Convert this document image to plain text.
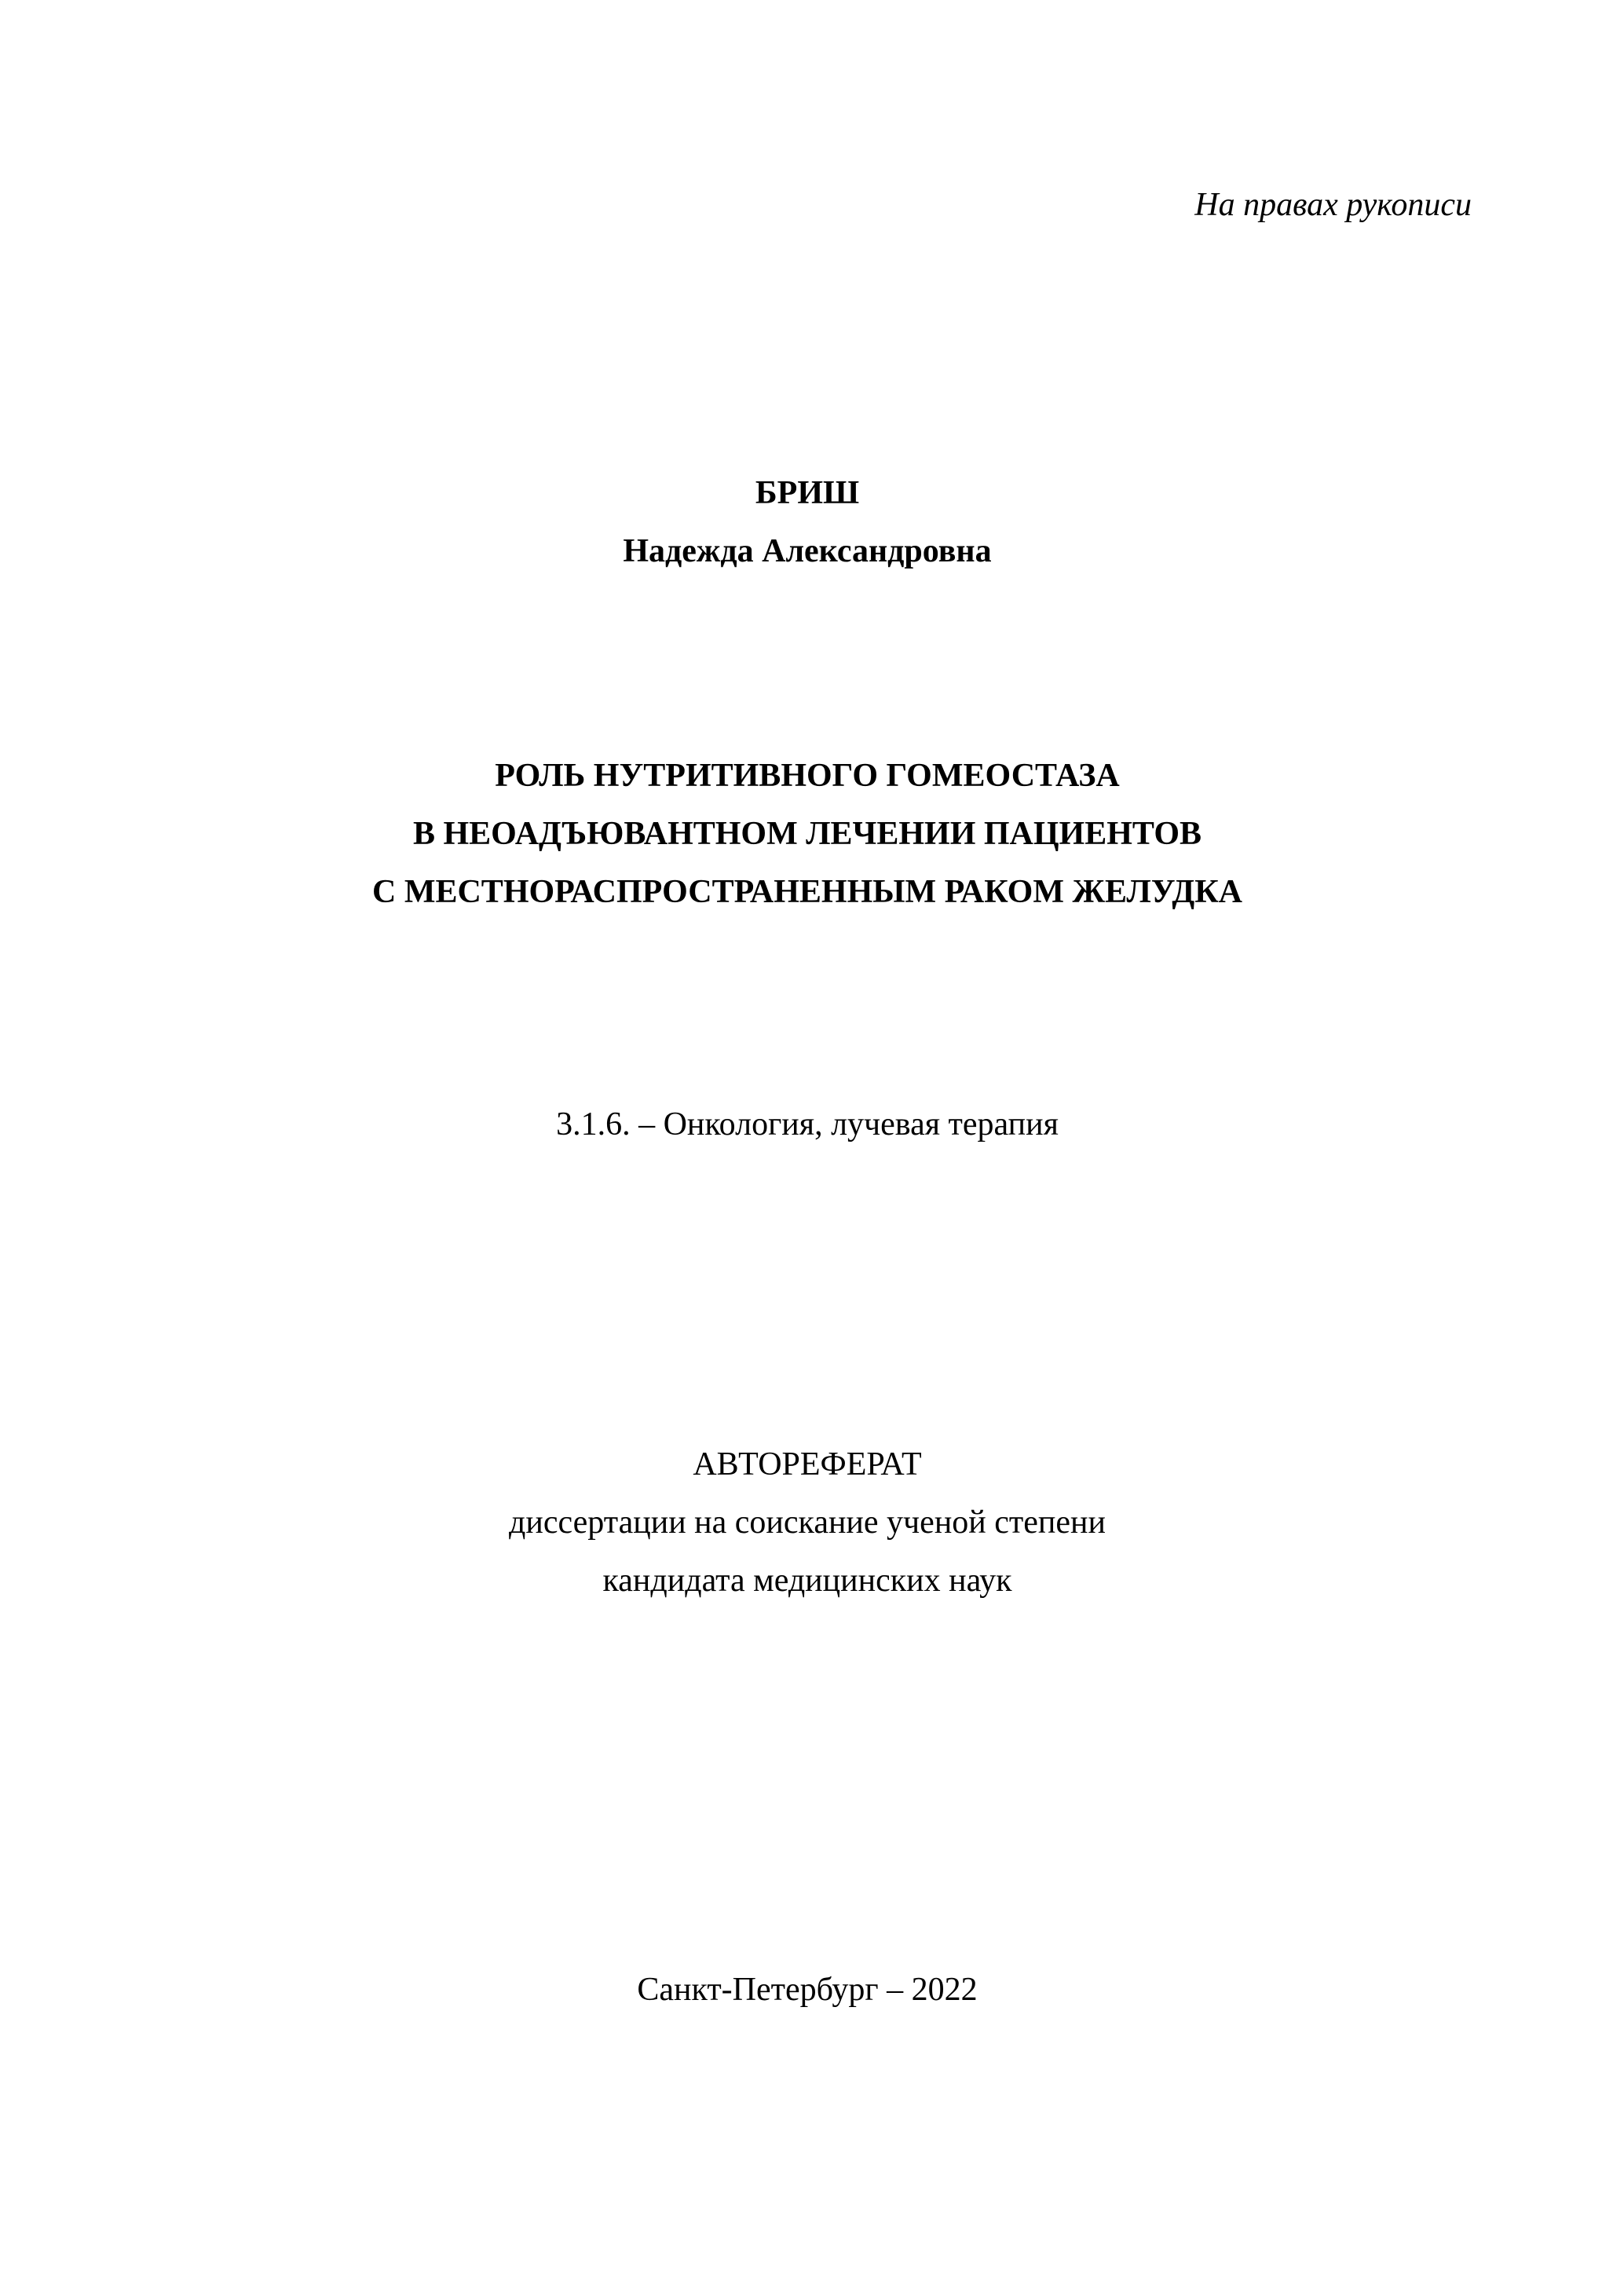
На правах рукописи
БРИШ
Надежда Александровна
РОЛЬ НУТРИТИВНОГО ГОМЕОСТАЗА
В НЕОАДЪЮВАНТНОМ ЛЕЧЕНИИ ПАЦИЕНТОВ
С МЕСТНОРАСПРОСТРАНЕННЫМ РАКОМ ЖЕЛУДКА
3.1.6. – Онкология, лучевая терапия
АВТОРЕФЕРАТ
диссертации на соискание ученой степени
кандидата медицинских наук
Санкт-Петербург – 2022
